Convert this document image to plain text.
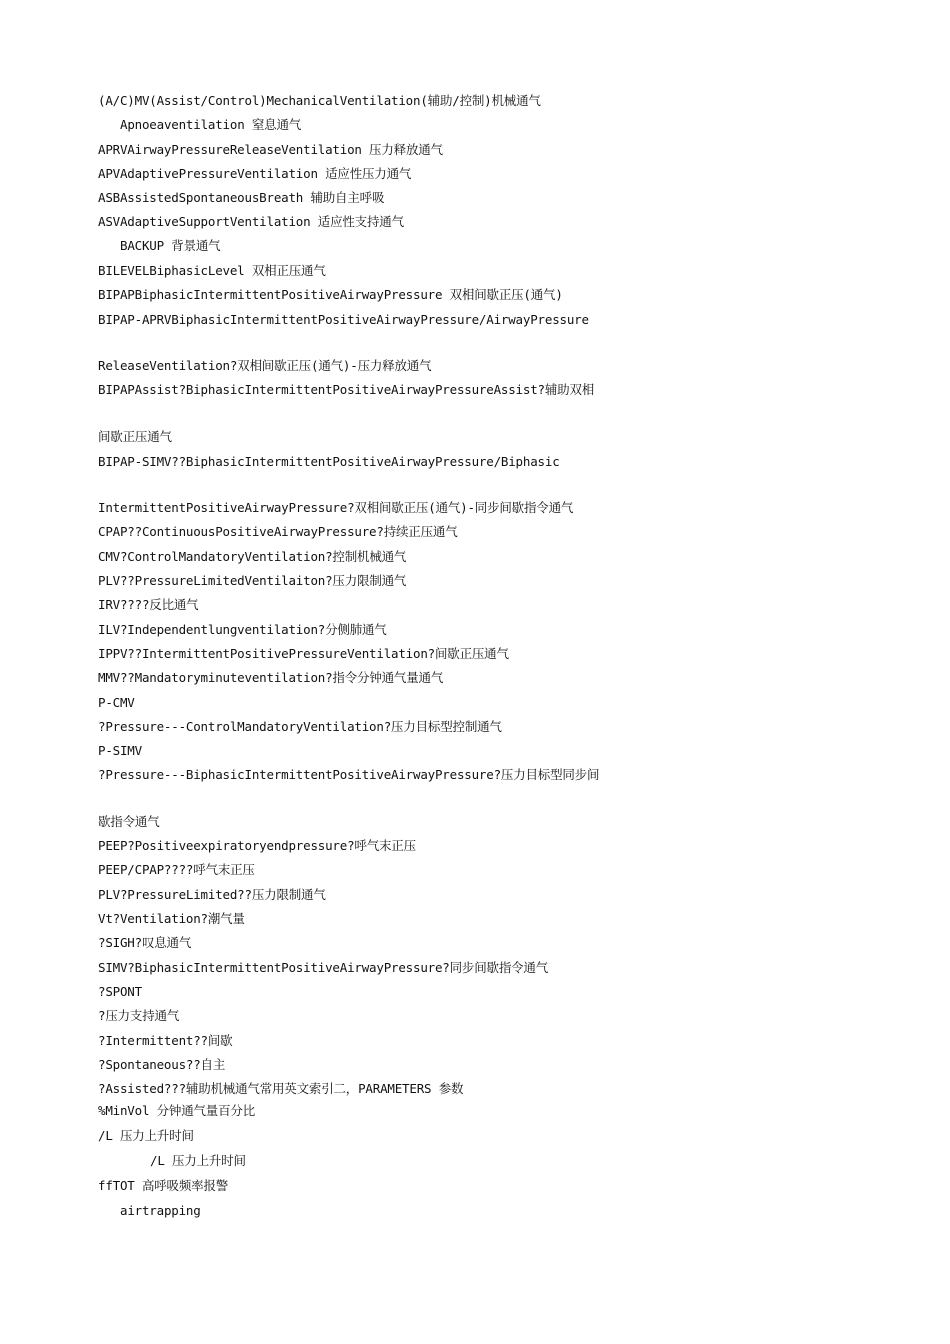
(A/C)MV(Assist/Control)MechanicalVentilation(辅助/控制)机械通气
Apnoeaventilation 窒息通气
APRVAirwayPressureReleaseVentilation 压力释放通气
APVAdaptivePressureVentilation 适应性压力通气
ASBAssistedSpontaneousBreath 辅助自主呼吸
ASVAdaptiveSupportVentilation 适应性支持通气
BACKUP 背景通气
BILEVELBiphasicLevel 双相正压通气
BIPAPBiphasicIntermittentPositiveAirwayPressure 双相间歇正压(通气)
BIPAP-APRVBiphasicIntermittentPositiveAirwayPressure/AirwayPressure
ReleaseVentilation?双相间歇正压(通气)-压力释放通气
BIPAPAssist?BiphasicIntermittentPositiveAirwayPressureAssist?辅助双相
间歇正压通气
BIPAP-SIMV??BiphasicIntermittentPositiveAirwayPressure/Biphasic
IntermittentPositiveAirwayPressure?双相间歇正压(通气)-同步间歇指令通气
CPAP??ContinuousPositiveAirwayPressure?持续正压通气
CMV?ControlMandatoryVentilation?控制机械通气
PLV??PressureLimitedVentilaiton?压力限制通气
IRV????反比通气
ILV?Independentlungventilation?分侧肺通气
IPPV??IntermittentPositivePressureVentilation?间歇正压通气
MMV??Mandatoryminuteventilation?指令分钟通气量通气
P-CMV
?Pressure---ControlMandatoryVentilation?压力目标型控制通气
P-SIMV
?Pressure---BiphasicIntermittentPositiveAirwayPressure?压力目标型同步间
歇指令通气
PEEP?Positiveexpiratoryendpressure?呼气末正压
PEEP/CPAP????呼气末正压
PLV?PressureLimited??压力限制通气
Vt?Ventilation?潮气量
?SIGH?叹息通气
SIMV?BiphasicIntermittentPositiveAirwayPressure?同步间歇指令通气
?SPONT
?压力支持通气
?Intermittent??间歇
?Spontaneous??自主
?Assisted???辅助机械通气常用英文索引二，PARAMETERS 参数
%MinVol 分钟通气量百分比
/L 压力上升时间
/L 压力上升时间
ffTOT 高呼吸频率报警
airtrapping
